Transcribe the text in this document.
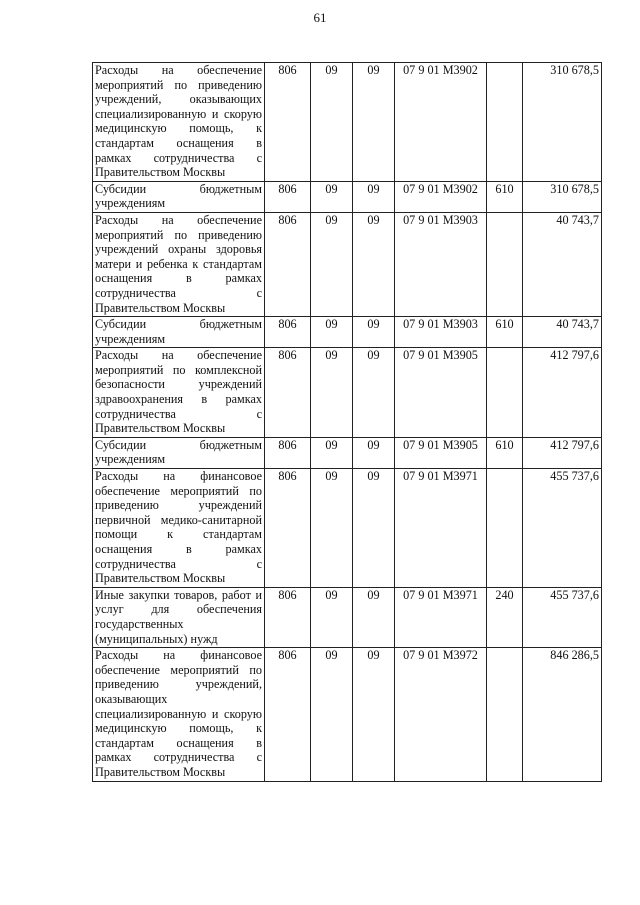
61
Расходы на обеспечение мероприятий по приведению учреждений, оказывающих специализированную и скорую медицинскую помощь, к стандартам оснащения в рамках сотрудничества с Правительством Москвы	806	09	09	07 9 01 М3902		310 678,5
Субсидии бюджетным учреждениям	806	09	09	07 9 01 М3902	610	310 678,5
Расходы на обеспечение мероприятий по приведению учреждений охраны здоровья матери и ребенка к стандартам оснащения в рамках сотрудничества с Правительством Москвы	806	09	09	07 9 01 М3903		40 743,7
Субсидии бюджетным учреждениям	806	09	09	07 9 01 М3903	610	40 743,7
Расходы на обеспечение мероприятий по комплексной безопасности учреждений здравоохранения в рамках сотрудничества с Правительством Москвы	806	09	09	07 9 01 М3905		412 797,6
Субсидии бюджетным учреждениям	806	09	09	07 9 01 М3905	610	412 797,6
Расходы на финансовое обеспечение мероприятий по приведению учреждений первичной медико-санитарной помощи к стандартам оснащения в рамках сотрудничества с Правительством Москвы	806	09	09	07 9 01 М3971		455 737,6
Иные закупки товаров, работ и услуг для обеспечения государственных (муниципальных) нужд	806	09	09	07 9 01 М3971	240	455 737,6
Расходы на финансовое обеспечение мероприятий по приведению учреждений, оказывающих специализированную и скорую медицинскую помощь, к стандартам оснащения в рамках сотрудничества с Правительством Москвы	806	09	09	07 9 01 М3972		846 286,5
